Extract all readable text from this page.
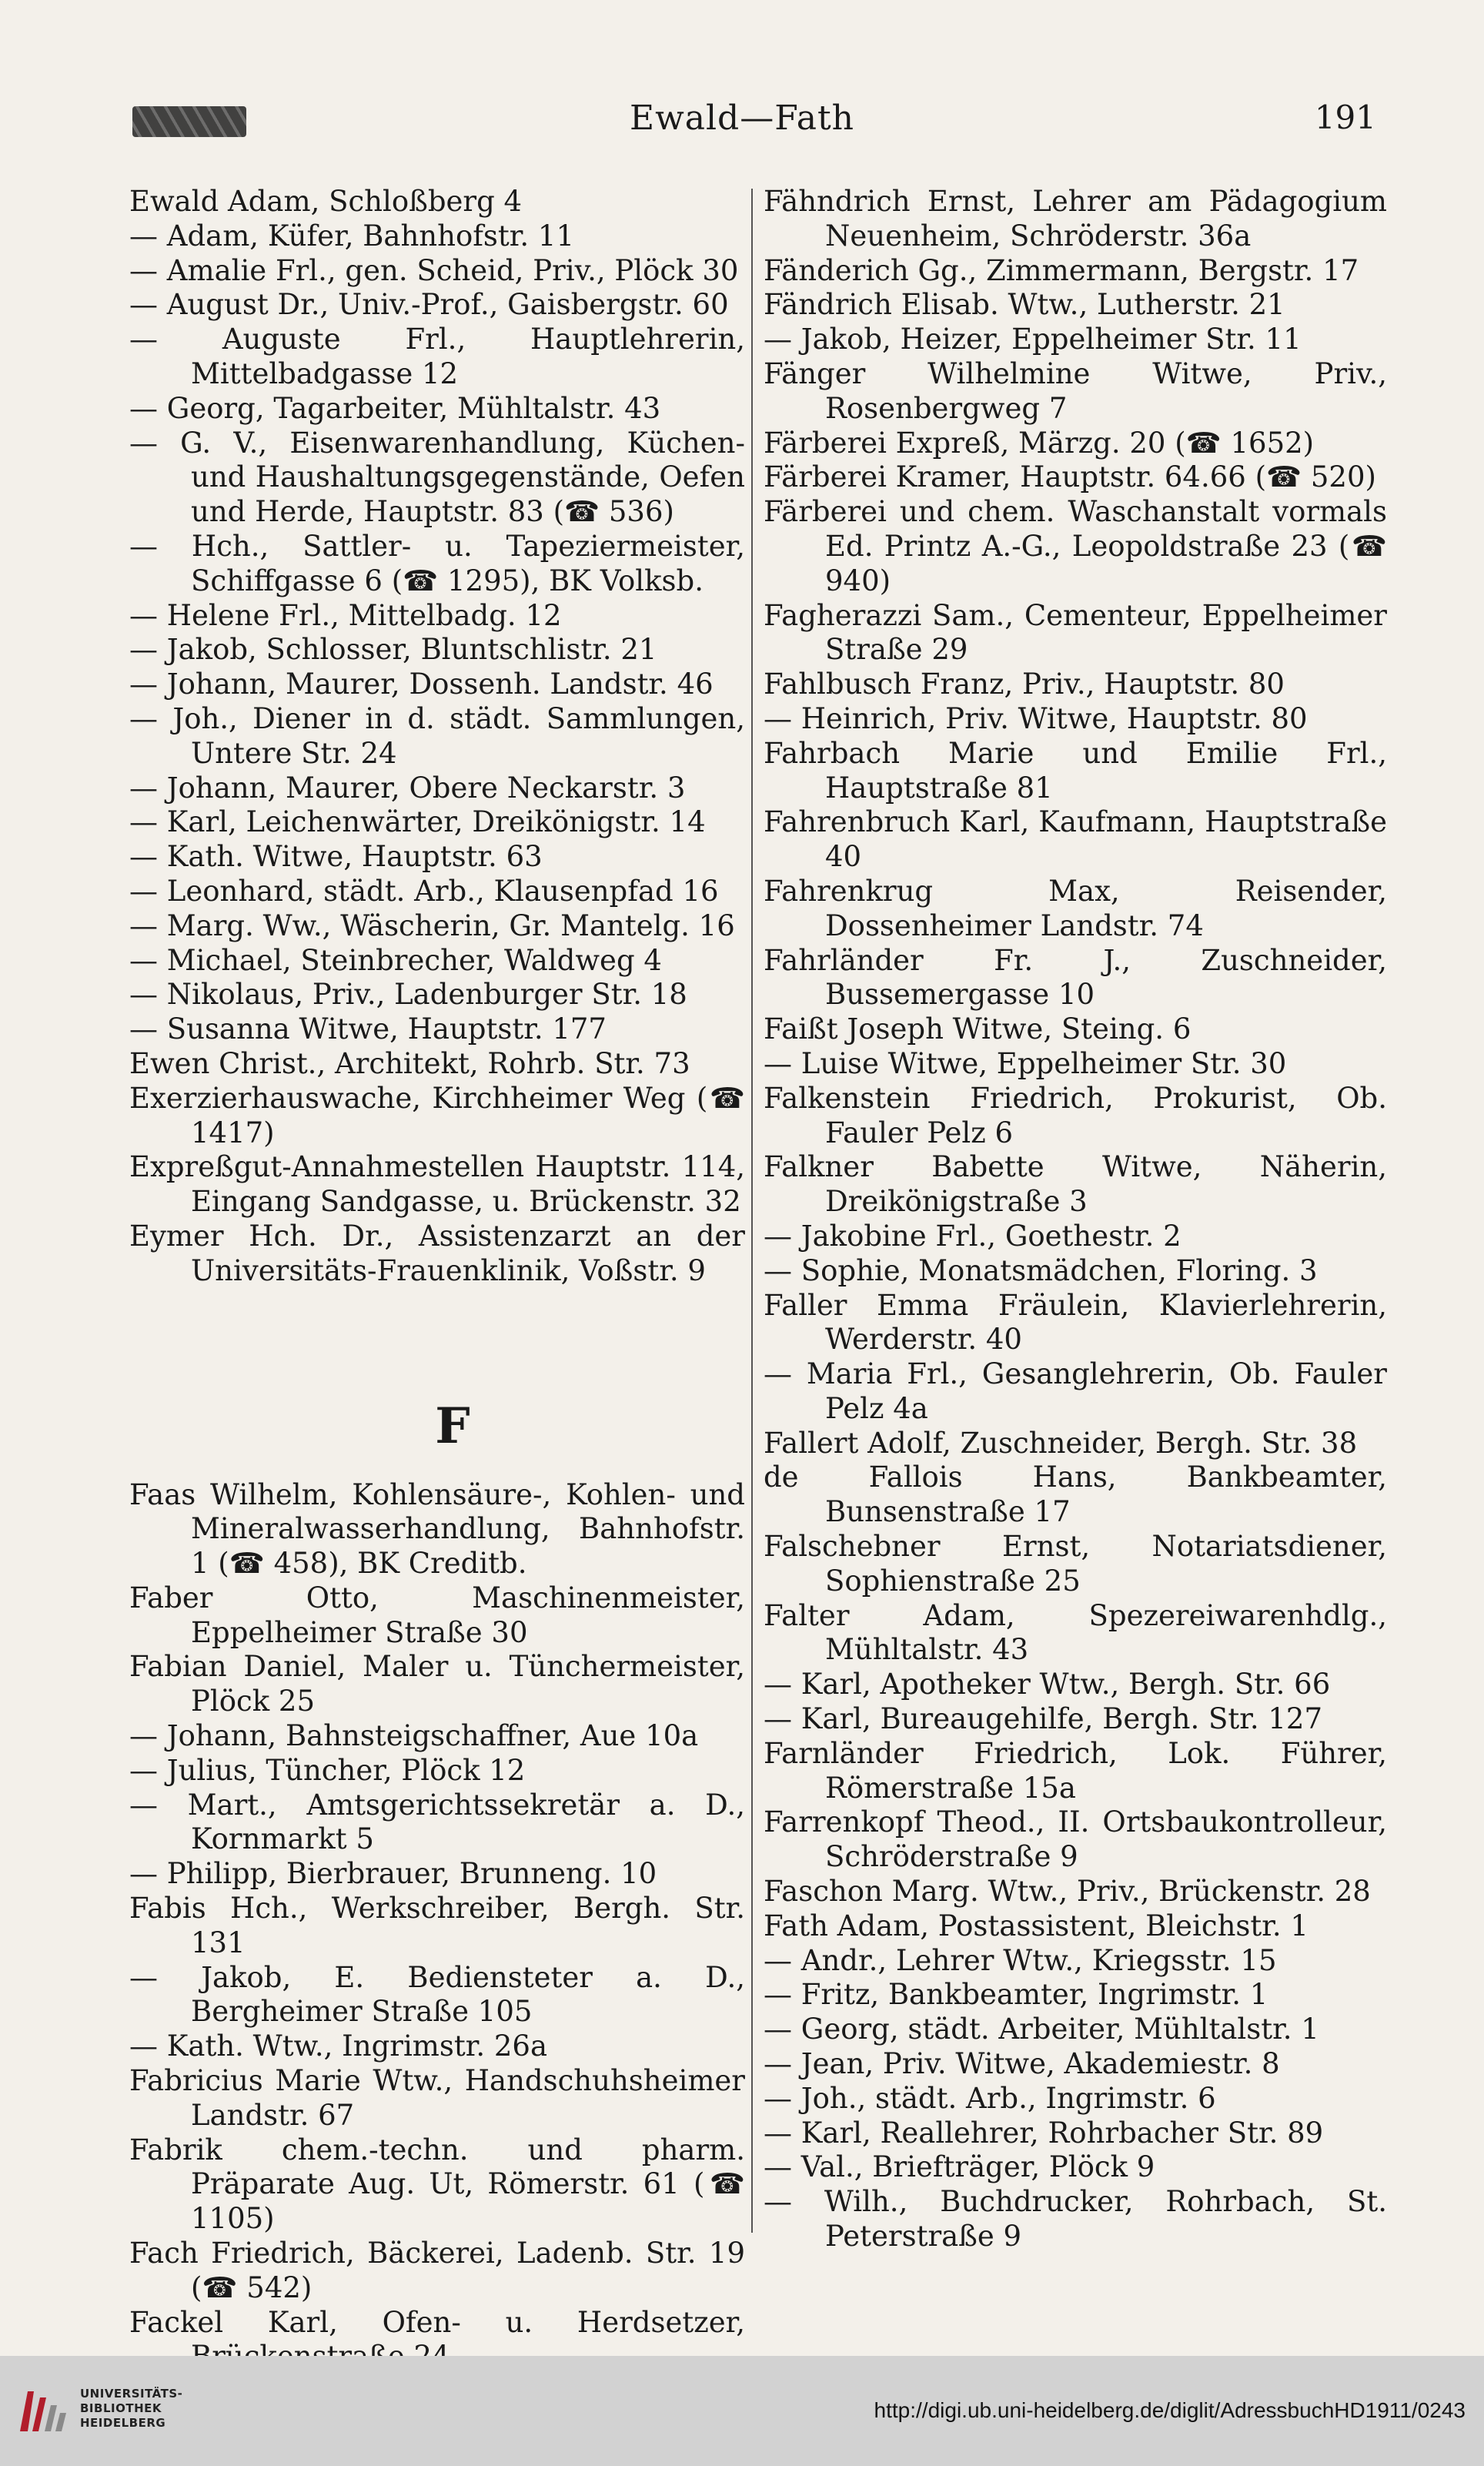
Ewald—Fath	191

Ewald Adam, Schloßberg 4

— Adam, Küfer, Bahnhofstr. 11

— Amalie Frl., gen. Scheid, Priv., Plöck 30

— August Dr., Univ.-Prof., Gaisbergstr. 60

— Auguste Frl., Hauptlehrerin, Mittelbadgasse 12

— Georg, Tagarbeiter, Mühltalstr. 43

— G. V., Eisenwarenhandlung, Küchen- und Haushaltungsgegenstände, Oefen und Herde, Hauptstr. 83 (☎ 536)

— Hch., Sattler- u. Tapeziermeister, Schiffgasse 6 (☎ 1295), BK Volksb.

— Helene Frl., Mittelbadg. 12

— Jakob, Schlosser, Bluntschlistr. 21

— Johann, Maurer, Dossenh. Landstr. 46

— Joh., Diener in d. städt. Sammlungen, Untere Str. 24

— Johann, Maurer, Obere Neckarstr. 3

— Karl, Leichenwärter, Dreikönigstr. 14

— Kath. Witwe, Hauptstr. 63

— Leonhard, städt. Arb., Klausenpfad 16

— Marg. Ww., Wäscherin, Gr. Mantelg. 16

— Michael, Steinbrecher, Waldweg 4

— Nikolaus, Priv., Ladenburger Str. 18

— Susanna Witwe, Hauptstr. 177

Ewen Christ., Architekt, Rohrb. Str. 73

Exerzierhauswache, Kirchheimer Weg (☎ 1417)

Expreßgut-Annahmestellen Hauptstr. 114, Eingang Sandgasse, u. Brückenstr. 32

Eymer Hch. Dr., Assistenzarzt an der Universitäts-Frauenklinik, Voßstr. 9

F

Faas Wilhelm, Kohlensäure-, Kohlen- und Mineralwasserhandlung, Bahnhofstr. 1 (☎ 458), BK Creditb.

Faber Otto, Maschinenmeister, Eppelheimer Straße 30

Fabian Daniel, Maler u. Tünchermeister, Plöck 25

— Johann, Bahnsteigschaffner, Aue 10a

— Julius, Tüncher, Plöck 12

— Mart., Amtsgerichtssekretär a. D., Kornmarkt 5

— Philipp, Bierbrauer, Brunneng. 10

Fabis Hch., Werkschreiber, Bergh. Str. 131

— Jakob, E. Bediensteter a. D., Bergheimer Straße 105

— Kath. Wtw., Ingrimstr. 26a

Fabricius Marie Wtw., Handschuhsheimer Landstr. 67

Fabrik chem.-techn. und pharm. Präparate Aug. Ut, Römerstr. 61 (☎ 1105)

Fach Friedrich, Bäckerei, Ladenb. Str. 19 (☎ 542)

Fackel Karl, Ofen- u. Herdsetzer,

Fähndrich Ernst, Lehrer am Pädagogium Neuenheim, Schröderstr. 36a

Fänderich Gg., Zimmermann, Bergstr. 17

Fändrich Elisab. Wtw., Lutherstr. 21

— Jakob, Heizer, Eppelheimer Str. 11

Fänger Wilhelmine Witwe, Priv., Rosenbergweg 7

Färberei Expreß, Märzg. 20 (☎ 1652)

Färberei Kramer, Hauptstr. 64.66 (☎ 520)

Färberei und chem. Waschanstalt vormals Ed. Printz A.-G., Leopoldstraße 23 (☎ 940)

Fagherazzi Sam., Cementeur, Eppelheimer Straße 29

Fahlbusch Franz, Priv., Hauptstr. 80

— Heinrich, Priv. Witwe, Hauptstr. 80

Fahrbach Marie und Emilie Frl., Hauptstraße 81

Fahrenbruch Karl, Kaufmann, Hauptstraße 40

Fahrenkrug Max, Reisender, Dossenheimer Landstr. 74

Fahrländer Fr. J., Zuschneider, Bussemergasse 10

Faißt Joseph Witwe, Steing. 6

— Luise Witwe, Eppelheimer Str. 30

Falkenstein Friedrich, Prokurist, Ob. Fauler Pelz 6

Falkner Babette Witwe, Näherin, Dreikönigstraße 3

— Jakobine Frl., Goethestr. 2

— Sophie, Monatsmädchen, Floring. 3

Faller Emma Fräulein, Klavierlehrerin, Werderstr. 40

— Maria Frl., Gesanglehrerin, Ob. Fauler Pelz 4a

Fallert Adolf, Zuschneider, Bergh. Str. 38

de Fallois Hans, Bankbeamter, Bunsenstraße 17

Falschebner Ernst, Notariatsdiener, Sophienstraße 25

Falter Adam, Spezereiwarenhdlg., Mühltalstr. 43

— Karl, Apotheker Wtw., Bergh. Str. 66

— Karl, Bureaugehilfe, Bergh. Str. 127

Farnländer Friedrich, Lok. Führer, Römerstraße 15a

Farrenkopf Theod., II. Ortsbaukontrolleur, Schröderstraße 9

Faschon Marg. Wtw., Priv., Brückenstr. 28

Fath Adam, Postassistent, Bleichstr. 1

— Andr., Lehrer Wtw., Kriegsstr. 15

— Fritz, Bankbeamter, Ingrimstr. 1

— Georg, städt. Arbeiter, Mühltalstr. 1

— Jean, Priv. Witwe, Akademiestr. 8

— Joh., städt. Arb., Ingrimstr. 6

— Karl, Reallehrer, Rohrbacher Str. 89

— Val., Briefträger, Plöck 9

— Wilh., Buchdrucker, Rohrbach, St. Peterstraße 9

UNIVERSITÄTS-
BIBLIOTHEK
HEIDELBERG
http://digi.ub.uni-heidelberg.de/diglit/AdressbuchHD1911/0243
